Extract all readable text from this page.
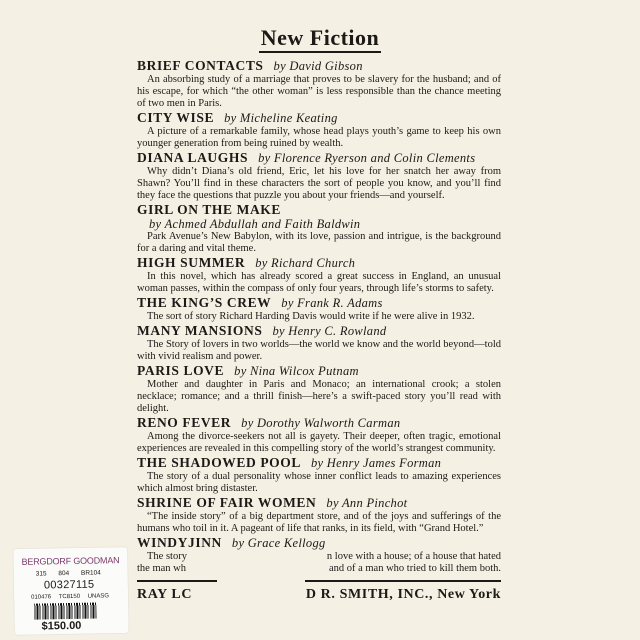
New Fiction
BRIEF CONTACTS by David Gibson
An absorbing study of a marriage that proves to be slavery for the husband; and of his escape, for which “the other woman” is less responsible than the chance meeting of two men in Paris.
CITY WISE by Micheline Keating
A picture of a remarkable family, whose head plays youth’s game to keep his own younger generation from being ruined by wealth.
DIANA LAUGHS by Florence Ryerson and Colin Clements
Why didn’t Diana’s old friend, Eric, let his love for her snatch her away from Shawn? You’ll find in these characters the sort of people you know, and you’ll find they face the questions that puzzle you about your friends—and yourself.
GIRL ON THE MAKE
by Achmed Abdullah and Faith Baldwin
Park Avenue’s New Babylon, with its love, passion and intrigue, is the background for a daring and vital theme.
HIGH SUMMER by Richard Church
In this novel, which has already scored a great success in England, an unusual woman passes, within the compass of only four years, through life’s storms to safety.
THE KING’S CREW by Frank R. Adams
The sort of story Richard Harding Davis would write if he were alive in 1932.
MANY MANSIONS by Henry C. Rowland
The Story of lovers in two worlds—the world we know and the world beyond—told with vivid realism and power.
PARIS LOVE by Nina Wilcox Putnam
Mother and daughter in Paris and Monaco; an international crook; a stolen necklace; romance; and a thrill finish—here’s a swift-paced story you’ll read with delight.
RENO FEVER by Dorothy Walworth Carman
Among the divorce-seekers not all is gayety. Their deeper, often tragic, emotional experiences are revealed in this compelling story of the world’s strangest community.
THE SHADOWED POOL by Henry James Forman
The story of a dual personality whose inner conflict leads to amazing experiences which almost bring distaster.
SHRINE OF FAIR WOMEN by Ann Pinchot
“The inside story” of a big department store, and of the joys and sufferings of the humans who toil in it. A pageant of life that ranks, in its field, with “Grand Hotel.”
WINDYJINN by Grace Kellogg
The story	n love with a house; of a house that hated
the man wh	and of a man who tried to kill them both.
RAY LC	D R. SMITH, INC., New York
BERGDORF GOODMAN
315 804 BR104
00327115
010476 TC8150 UNASG
$150.00
